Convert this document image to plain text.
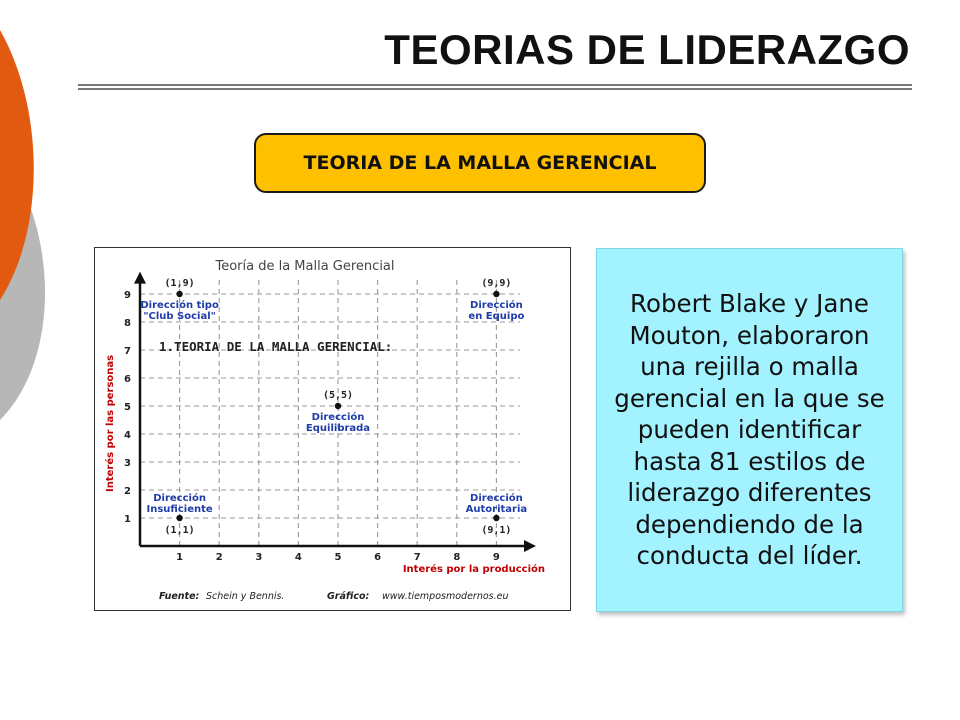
TEORIAS DE LIDERAZGO
TEORIA DE LA MALLA GERENCIAL
Teoría de la Malla Gerencial
1	2	3	4	5	6	7	8	9
1
2
3
4
5
6
7
8
9
(1,9)
Dirección tipo
"Club Social"
(9,9)
Dirección
en Equipo
(5,5)
Dirección
Equilibrada
(1,1)
Dirección
Insuficiente
(9,1)
Dirección
Autoritaria
Interés por las personas
Interés por la producción
1.TEORIA DE LA MALLA GERENCIAL:
Fuente: Schein y Bennis.	Gráfico: www.tiemposmodernos.eu

Robert Blake y Jane Mouton, elaboraron una rejilla o malla gerencial en la que se pueden identificar hasta 81 estilos de liderazgo diferentes dependiendo de la conducta del líder.
